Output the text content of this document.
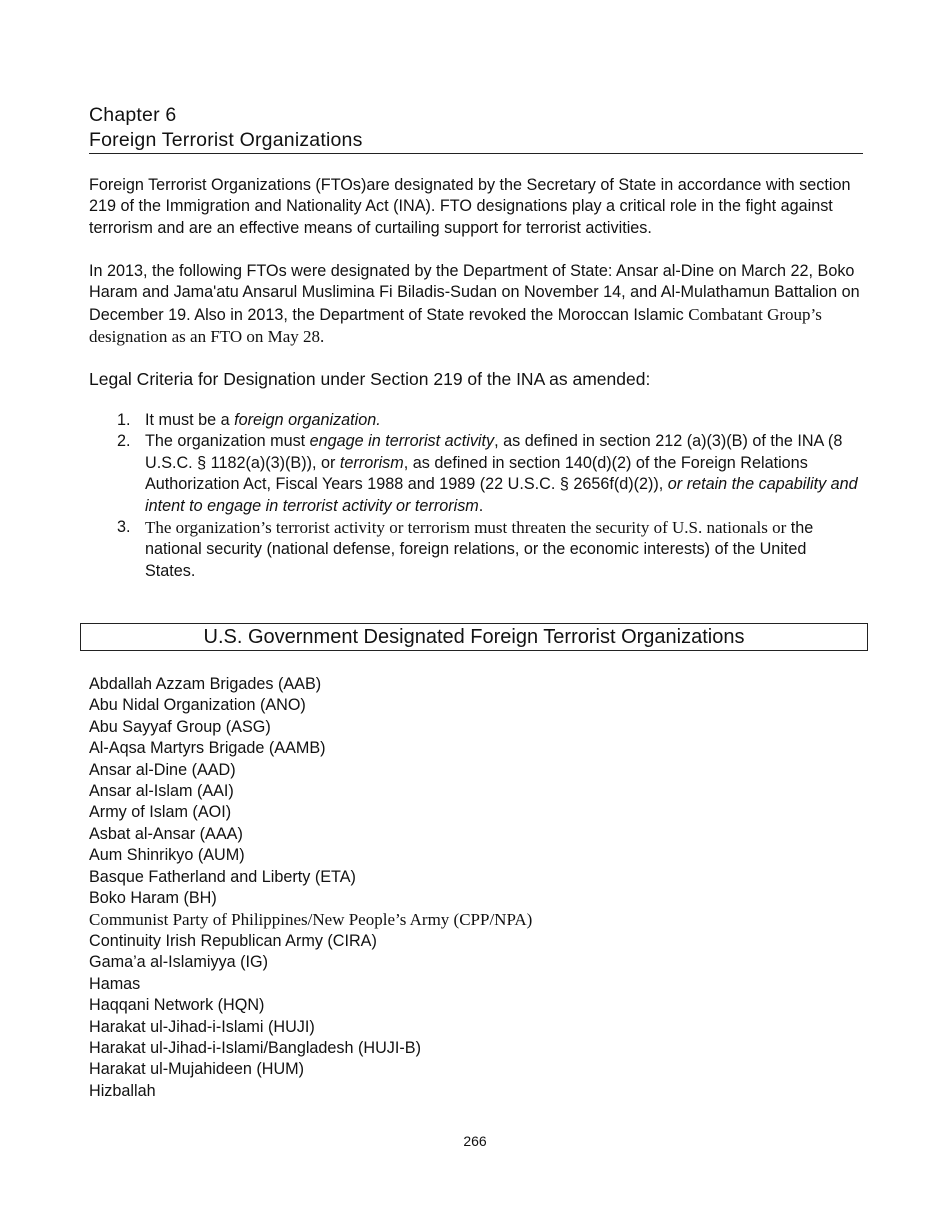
Chapter 6
Foreign Terrorist Organizations

Foreign Terrorist Organizations (FTOs)are designated by the Secretary of State in accordance with section 219 of the Immigration and Nationality Act (INA). FTO designations play a critical role in the fight against terrorism and are an effective means of curtailing support for terrorist activities.

In 2013, the following FTOs were designated by the Department of State: Ansar al-Dine on March 22, Boko Haram and Jama'atu Ansarul Muslimina Fi Biladis-Sudan on November 14, and Al-Mulathamun Battalion on December 19. Also in 2013, the Department of State revoked the Moroccan Islamic Combatant Group’s designation as an FTO on May 28.

Legal Criteria for Designation under Section 219 of the INA as amended:
1. It must be a foreign organization.
2. The organization must engage in terrorist activity, as defined in section 212 (a)(3)(B) of the INA (8 U.S.C. § 1182(a)(3)(B)), or terrorism, as defined in section 140(d)(2) of the Foreign Relations Authorization Act, Fiscal Years 1988 and 1989 (22 U.S.C. § 2656f(d)(2)), or retain the capability and intent to engage in terrorist activity or terrorism.
3. The organization’s terrorist activity or terrorism must threaten the security of U.S. nationals or the national security (national defense, foreign relations, or the economic interests) of the United States.
U.S. Government Designated Foreign Terrorist Organizations
Abdallah Azzam Brigades (AAB)
Abu Nidal Organization (ANO)
Abu Sayyaf Group (ASG)
Al-Aqsa Martyrs Brigade (AAMB)
Ansar al-Dine (AAD)
Ansar al-Islam (AAI)
Army of Islam (AOI)
Asbat al-Ansar (AAA)
Aum Shinrikyo (AUM)
Basque Fatherland and Liberty (ETA)
Boko Haram (BH)
Communist Party of Philippines/New People’s Army (CPP/NPA)
Continuity Irish Republican Army (CIRA)
Gama’a al-Islamiyya (IG)
Hamas
Haqqani Network (HQN)
Harakat ul-Jihad-i-Islami (HUJI)
Harakat ul-Jihad-i-Islami/Bangladesh (HUJI-B)
Harakat ul-Mujahideen (HUM)
Hizballah
266
